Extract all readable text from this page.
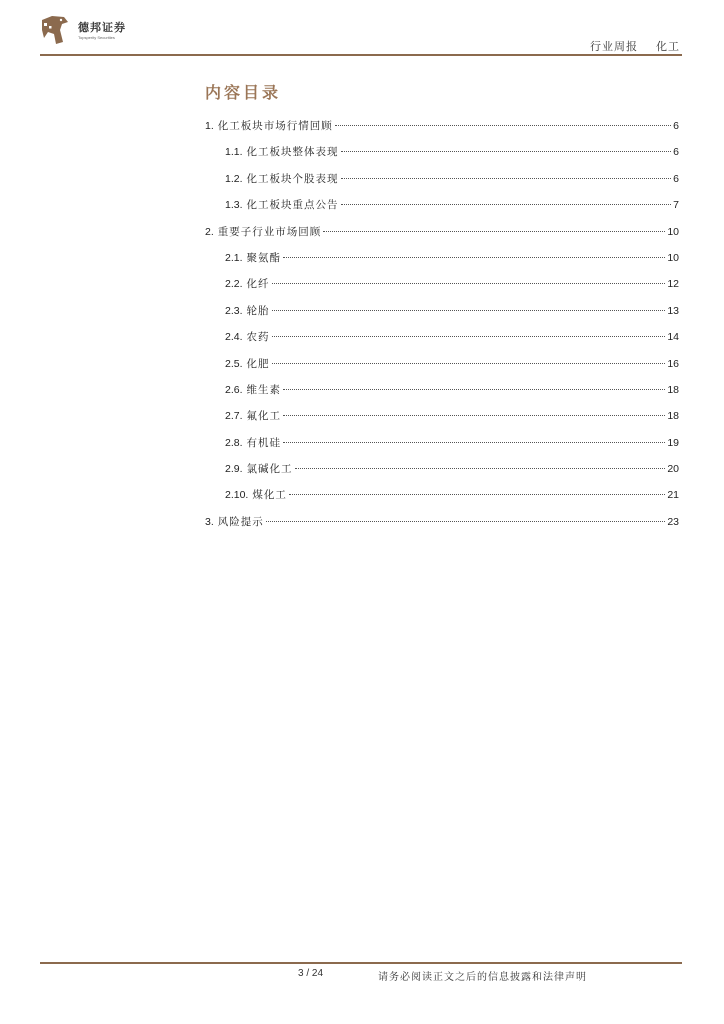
德邦证券
Topsperity Securities
行业周报 化工
内容目录
1. 化工板块市场行情回顾	6
1.1. 化工板块整体表现	6
1.2. 化工板块个股表现	6
1.3. 化工板块重点公告	7
2. 重要子行业市场回顾	10
2.1. 聚氨酯	10
2.2. 化纤	12
2.3. 轮胎	13
2.4. 农药	14
2.5. 化肥	16
2.6. 维生素	18
2.7. 氟化工	18
2.8. 有机硅	19
2.9. 氯碱化工	20
2.10. 煤化工	21
3. 风险提示	23
3 / 24	请务必阅读正文之后的信息披露和法律声明
